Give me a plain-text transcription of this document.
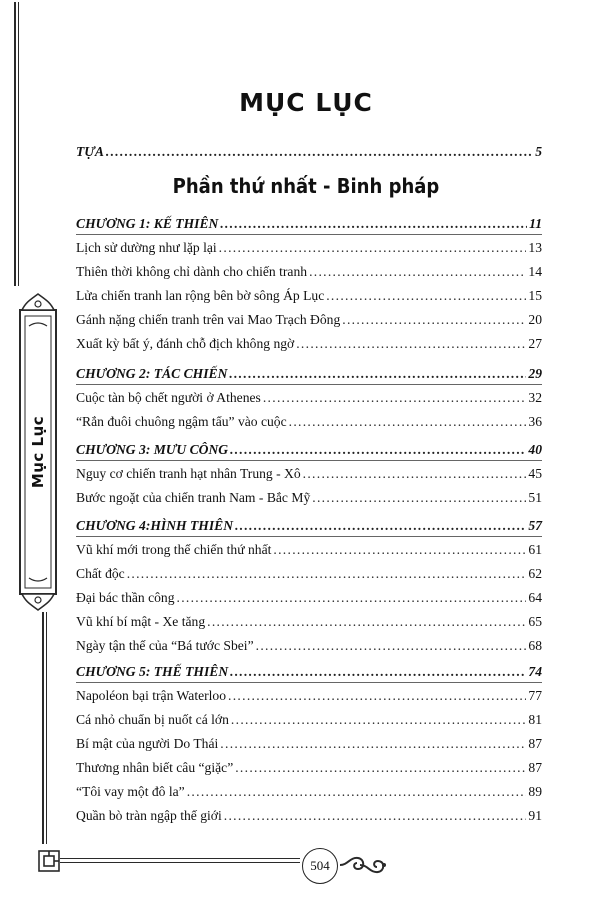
Mục Lục
MỤC LỤC
TỰA .....	5
Phần thứ nhất - Binh pháp
CHƯƠNG 1: KẾ THIÊN .....	11
Lịch sử dường như lặp lại .....	13
Thiên thời không chỉ dành cho chiến tranh .....	14
Lửa chiến tranh lan rộng bên bờ sông Áp Lục .....	15
Gánh nặng chiến tranh trên vai Mao Trạch Đông .....	20
Xuất kỳ bất ý, đánh chỗ địch không ngờ .....	27
CHƯƠNG 2: TÁC CHIẾN .....	29
Cuộc tàn bộ chết người ở Athenes .....	32
“Rắn đuôi chuông ngậm tẩu” vào cuộc .....	36
CHƯƠNG 3: MƯU CÔNG .....	40
Nguy cơ chiến tranh hạt nhân Trung - Xô .....	45
Bước ngoặt của chiến tranh Nam - Bắc Mỹ .....	51
CHƯƠNG 4:HÌNH THIÊN .....	57
Vũ khí mới trong thế chiến thứ nhất .....	61
Chất độc .....	62
Đại bác thần công .....	64
Vũ khí bí mật - Xe tăng .....	65
Ngày tận thế của “Bá tước Sbei” .....	68
CHƯƠNG 5: THẾ THIÊN .....	74
Napoléon bại trận Waterloo .....	77
Cá nhỏ chuẩn bị nuốt cá lớn .....	81
Bí mật của người Do Thái .....	87
Thương nhân biết câu “giặc” .....	87
“Tôi vay một đô la” .....	89
Quần bò tràn ngập thế giới .....	91
504
